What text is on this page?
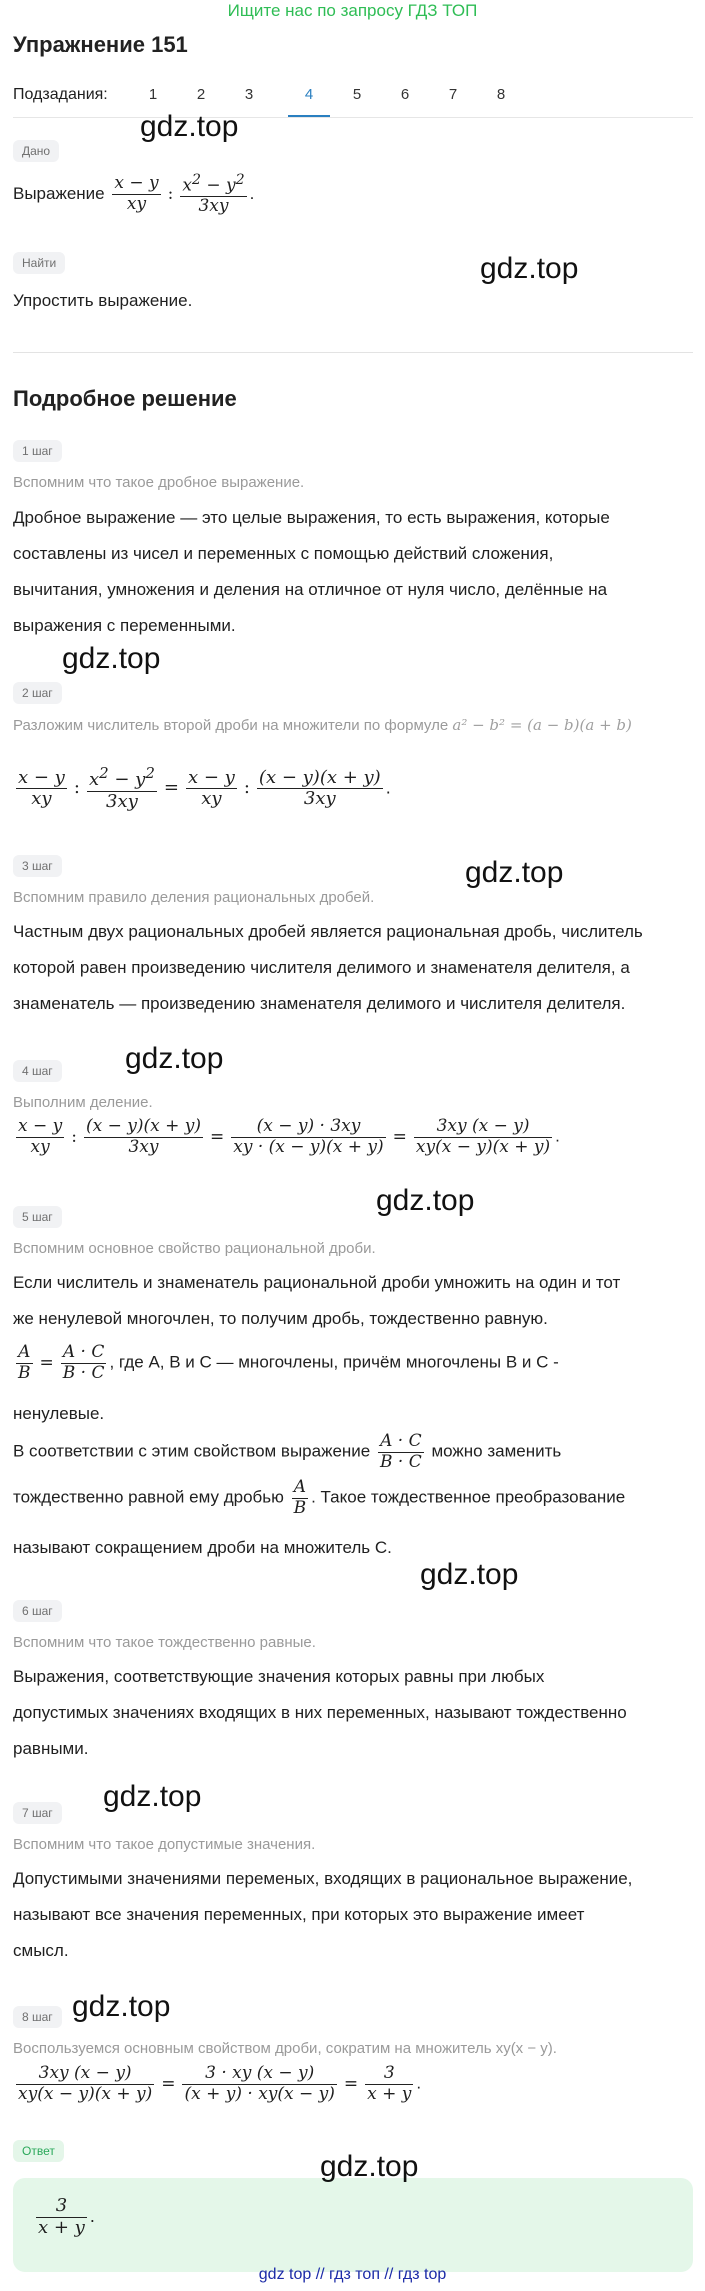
Ищите нас по запросу ГДЗ ТОП
Упражнение 151
Подзадания:	1	2	3	4	5	6	7	8
Дано
gdz.top
Выражение $\frac{x - y}{xy}$ : $\frac{x^2 - y^2}{3xy}$ .
Найти	gdz.top
Упростить выражение.
Подробное решение
1 шаг
Вспомним что такое дробное выражение.
Дробное выражение — это целые выражения, то есть выражения, которые
составлены из чисел и переменных с помощью действий сложения,
вычитания, умножения и деления на отличное от нуля число, делённые на
выражения с переменными.
gdz.top
2 шаг
Разложим числитель второй дроби на множители по формуле a² − b² = (a − b)(a + b)
$\frac{x - y}{xy}$ : $\frac{x^2 - y^2}{3xy} = \frac{x - y}{xy}$ : $\frac{(x - y)(x + y)}{3xy}$ .
3 шаг	gdz.top
Вспомним правило деления рациональных дробей.
Частным двух рациональных дробей является рациональная дробь, числитель
которой равен произведению числителя делимого и знаменателя делителя, а
знаменатель — произведению знаменателя делимого и числителя делителя.
4 шаг	gdz.top
Выполним деление.
$\frac{x - y}{xy}$ : $\frac{(x - y)(x + y)}{3xy} = \frac{(x - y) \cdot 3xy}{xy \cdot (x - y)(x + y)} = \frac{3xy (x - y)}{xy(x - y)(x + y)}$ .
gdz.top
5 шаг
Вспомним основное свойство рациональной дроби.
Если числитель и знаменатель рациональной дроби умножить на один и тот
же ненулевой многочлен, то получим дробь, тождественно равную.
$\frac{A}{B} = \frac{A \cdot C}{B \cdot C}$ , где A, B и C — многочлены, причём многочлены B и C -
ненулевые.
В соответствии с этим свойством выражение $\frac{A \cdot C}{B \cdot C}$ можно заменить
тождественно равной ему дробью $\frac{A}{B}$ . Такое тождественное преобразование
называют сокращением дроби на множитель C.
gdz.top
6 шаг
Вспомним что такое тождественно равные.
Выражения, соответствующие значения которых равны при любых
допустимых значениях входящих в них переменных, называют тождественно
равными.
gdz.top
7 шаг
Вспомним что такое допустимые значения.
Допустимыми значениями переменых, входящих в рациональное выражение,
называют все значения переменных, при которых это выражение имеет
смысл.
gdz.top
8 шаг
Воспользуемся основным свойством дроби, сократим на множитель xy(x − y).
$\frac{3xy (x - y)}{xy(x - y)(x + y)} = \frac{3 \cdot xy (x - y)}{(x + y) \cdot xy(x - y)} = \frac{3}{x + y}$ .
Ответ	gdz.top
$\frac{3}{x + y}$ .
gdz top // гдз топ // гдз top
